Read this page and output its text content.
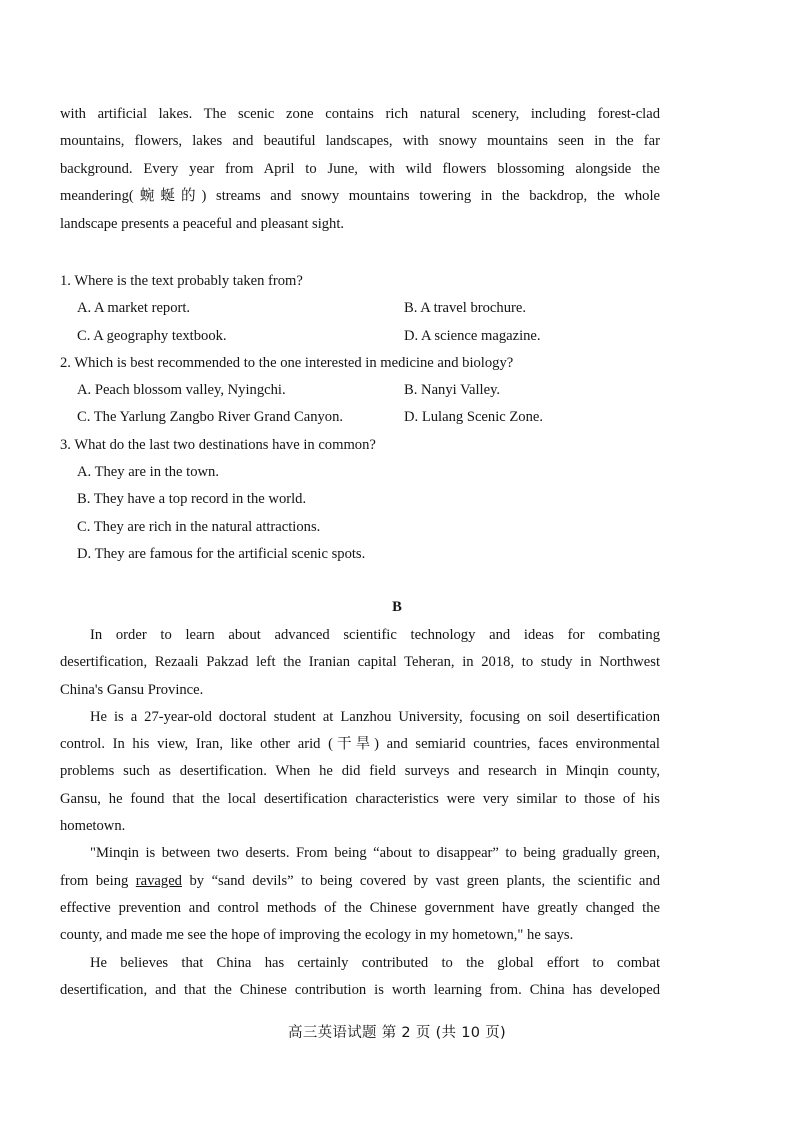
with artificial lakes. The scenic zone contains rich natural scenery, including forest-clad
mountains, flowers, lakes and beautiful landscapes, with snowy mountains seen in the far
background. Every year from April to June, with wild flowers blossoming alongside the
meandering(蜿蜒的) streams and snowy mountains towering in the backdrop, the whole
landscape presents a peaceful and pleasant sight.
1. Where is the text probably taken from?
A. A market report.	B. A travel brochure.
C. A geography textbook.	D. A science magazine.
2. Which is best recommended to the one interested in medicine and biology?
A. Peach blossom valley, Nyingchi.	B. Nanyi Valley.
C. The Yarlung Zangbo River Grand Canyon.	D. Lulang Scenic Zone.
3. What do the last two destinations have in common?
A. They are in the town.
B. They have a top record in the world.
C. They are rich in the natural attractions.
D. They are famous for the artificial scenic spots.
B
In order to learn about advanced scientific technology and ideas for combating
desertification, Rezaali Pakzad left the Iranian capital Teheran, in 2018, to study in Northwest
China's Gansu Province.
He is a 27-year-old doctoral student at Lanzhou University, focusing on soil desertification
control. In his view, Iran, like other arid (干旱) and semiarid countries, faces environmental
problems such as desertification. When he did field surveys and research in Minqin county,
Gansu, he found that the local desertification characteristics were very similar to those of his
hometown.
"Minqin is between two deserts. From being “about to disappear” to being gradually green,
from being ravaged by “sand devils” to being covered by vast green plants, the scientific and
effective prevention and control methods of the Chinese government have greatly changed the
county, and made me see the hope of improving the ecology in my hometown," he says.
He believes that China has certainly contributed to the global effort to combat
desertification, and that the Chinese contribution is worth learning from. China has developed
高三英语试题 第 2 页 (共 10 页)
